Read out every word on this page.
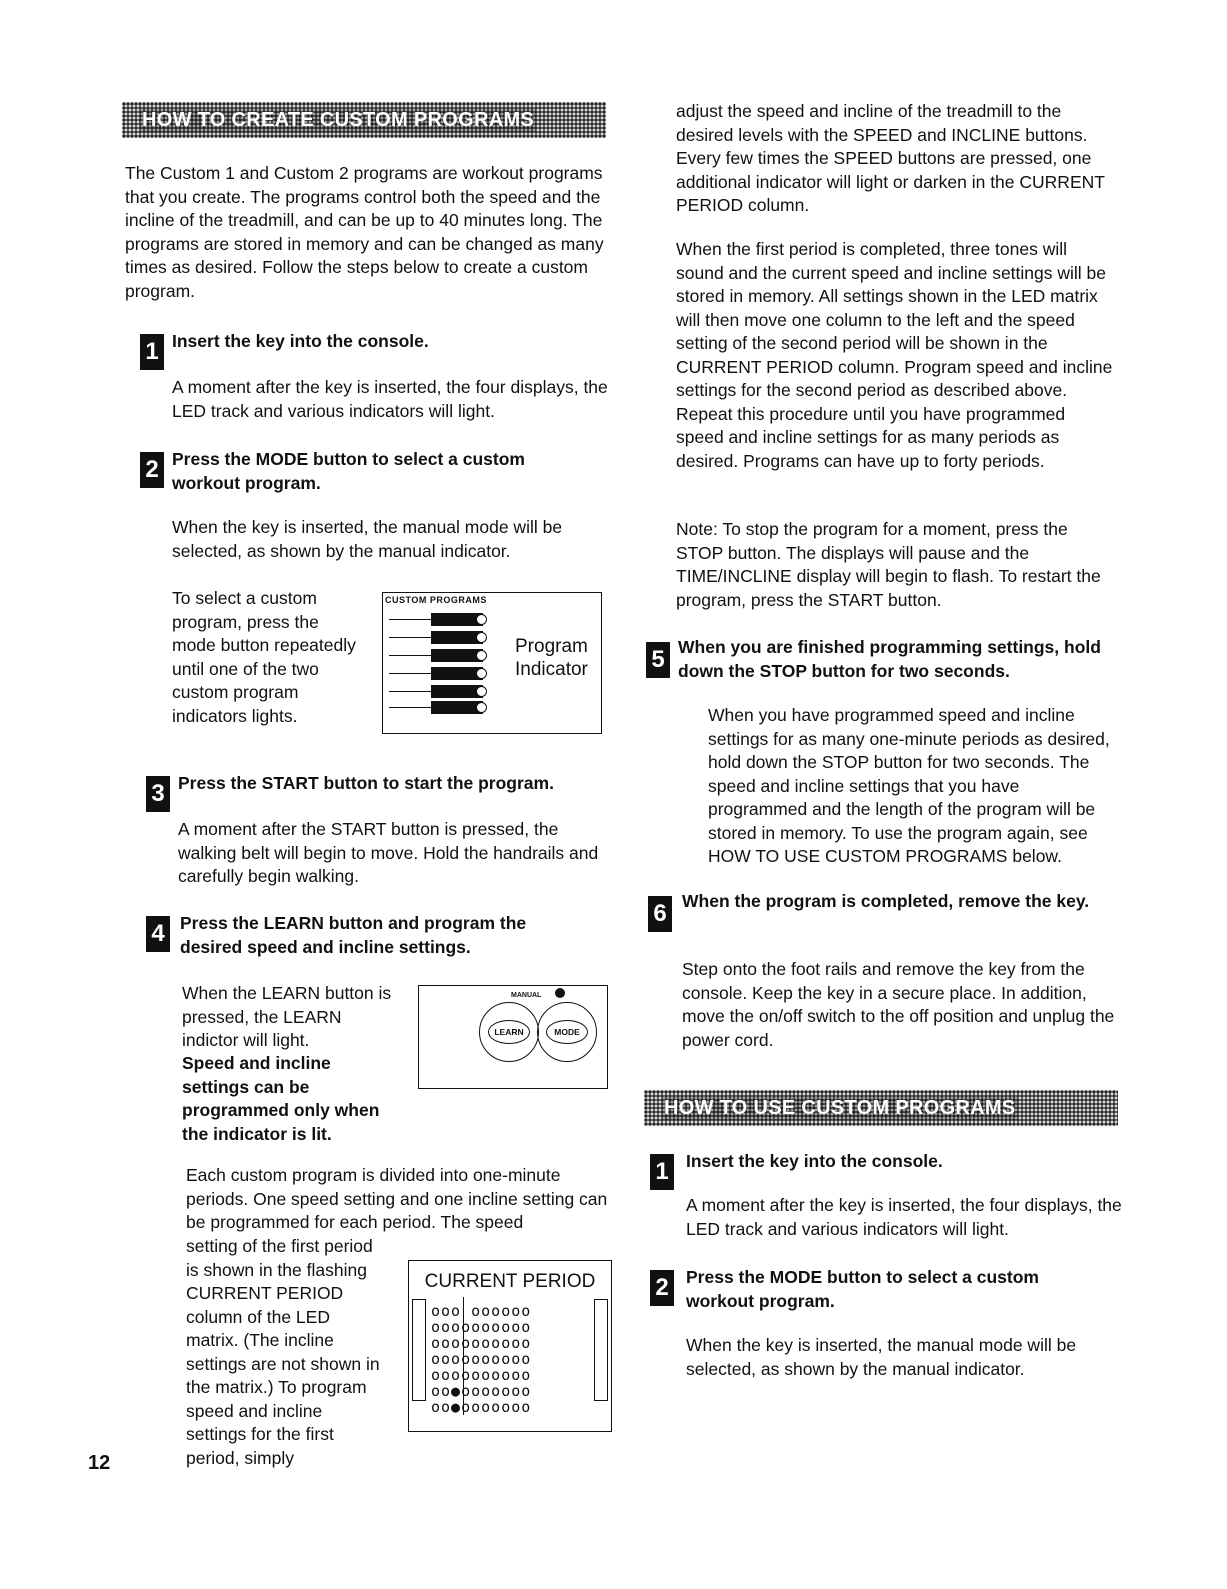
HOW TO CREATE CUSTOM PROGRAMS

The Custom 1 and Custom 2 programs are workout programs that you create. The programs control both the speed and the incline of the treadmill, and can be up to 40 minutes long. The programs are stored in memory and can be changed as many times as desired. Follow the steps below to create a custom program.

1 Insert the key into the console.

A moment after the key is inserted, the four displays, the LED track and various indicators will light.

2 Press the MODE button to select a custom workout program.

When the key is inserted, the manual mode will be selected, as shown by the manual indicator.

To select a custom program, press the mode button repeatedly until one of the two custom program indicators lights.

CUSTOM PROGRAMS
Program Indicator
3 Press the START button to start the program.

A moment after the START button is pressed, the walking belt will begin to move. Hold the handrails and carefully begin walking.

4 Press the LEARN button and program the desired speed and incline settings.

When the LEARN button is pressed, the LEARN indictor will light.

Speed and incline settings can be programmed only when the indicator is lit.

MANUAL
LEARN	MODE

Each custom program is divided into one-minute periods. One speed setting and one incline setting can be programmed for each period. The speed

setting of the first period is shown in the flashing CURRENT PERIOD column of the LED matrix. (The incline settings are not shown in the matrix.) To program speed and incline settings for the first period, simply

CURRENT PERIOD
ooo oooooo
oooooooooo
oooooooooo
oooooooooo
oooooooooo
oo●ooooooo
oo●ooooooo
12

adjust the speed and incline of the treadmill to the desired levels with the SPEED and INCLINE buttons. Every few times the SPEED buttons are pressed, one additional indicator will light or darken in the CURRENT PERIOD column.

When the first period is completed, three tones will sound and the current speed and incline settings will be stored in memory. All settings shown in the LED matrix will then move one column to the left and the speed setting of the second period will be shown in the CURRENT PERIOD column. Program speed and incline settings for the second period as described above. Repeat this procedure until you have programmed speed and incline settings for as many periods as desired. Programs can have up to forty periods.

Note: To stop the program for a moment, press the STOP button. The displays will pause and the TIME/INCLINE display will begin to flash. To restart the program, press the START button.

5 When you are finished programming settings, hold down the STOP button for two seconds.

When you have programmed speed and incline settings for as many one-minute periods as desired, hold down the STOP button for two seconds. The speed and incline settings that you have programmed and the length of the program will be stored in memory. To use the program again, see HOW TO USE CUSTOM PROGRAMS below.

6 When the program is completed, remove the key.

Step onto the foot rails and remove the key from the console. Keep the key in a secure place. In addition, move the on/off switch to the off position and unplug the power cord.

HOW TO USE CUSTOM PROGRAMS
1 Insert the key into the console.

A moment after the key is inserted, the four displays, the LED track and various indicators will light.

2 Press the MODE button to select a custom workout program.

When the key is inserted, the manual mode will be selected, as shown by the manual indicator.
